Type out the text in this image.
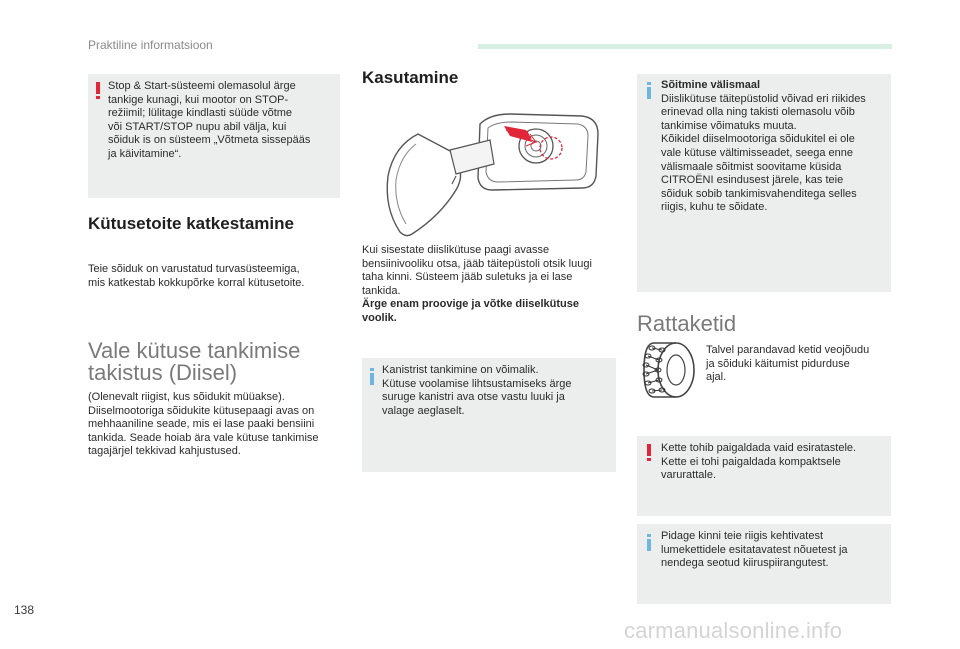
Praktiline informatsioon

Stop & Start-süsteemi olemasolul ärge

tankige kunagi, kui mootor on STOP-

režiimil; lülitage kindlasti süüde võtme

või START/STOP nupu abil välja, kui

sõiduk is on süsteem „Võtmeta sissepääs

ja käivitamine“.

Kütusetoite katkestamine

Teie sõiduk on varustatud turvasüsteemiga,

mis katkestab kokkupõrke korral kütusetoite.

Vale kütuse tankimise
takistus (Diisel)

(Olenevalt riigist, kus sõidukit müüakse).

Diiselmootoriga sõidukite kütusepaagi avas on

mehhaaniline seade, mis ei lase paaki bensiini

tankida. Seade hoiab ära vale kütuse tankimise

tagajärjel tekkivad kahjustused.

Kasutamine

Kui sisestate diislikütuse paagi avasse

bensiinivooliku otsa, jääb täitepüstoli otsik luugi

taha kinni. Süsteem jääb suletuks ja ei lase

tankida.

Ärge enam proovige ja võtke diiselkütuse

voolik.

Kanistrist tankimine on võimalik.

Kütuse voolamise lihtsustamiseks ärge

suruge kanistri ava otse vastu luuki ja

valage aeglaselt.

Sõitmine välismaal

Diislikütuse täitepüstolid võivad eri riikides

erinevad olla ning takisti olemasolu võib

tankimise võimatuks muuta.

Kõikidel diiselmootoriga sõidukitel ei ole

vale kütuse vältimisseadet, seega enne

välismaale sõitmist soovitame küsida

CITROËNI esindusest järele, kas teie

sõiduk sobib tankimisvahenditega selles

riigis, kuhu te sõidate.

Rattaketid

Talvel parandavad ketid veojõudu

ja sõiduki käitumist pidurduse

ajal.

Kette tohib paigaldada vaid esiratastele.

Kette ei tohi paigaldada kompaktsele

varurattale.

Pidage kinni teie riigis kehtivatest

lumekettidele esitatavatest nõuetest ja

nendega seotud kiiruspiirangutest.

138
carmanualsonline.info
